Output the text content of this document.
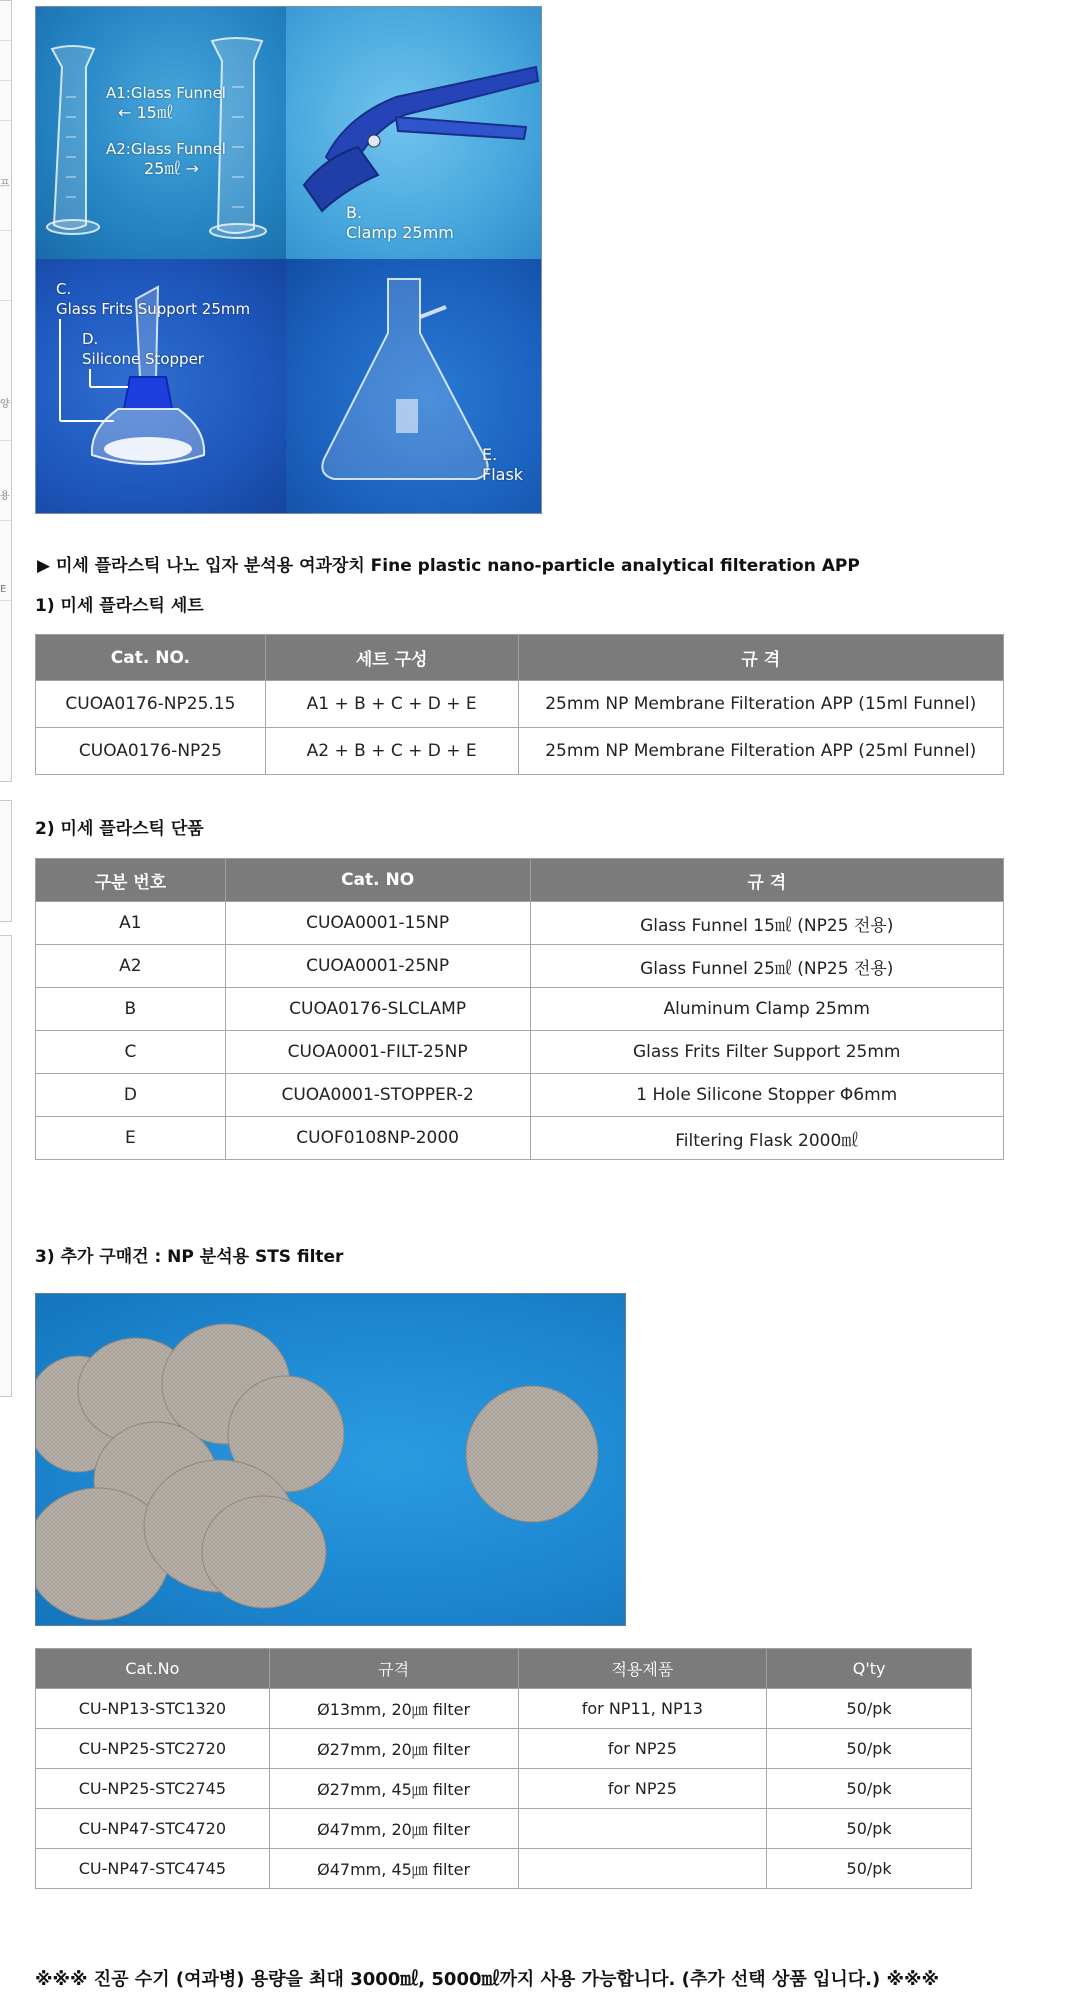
프
양
용
E
A1:Glass Funnel
← 15㎖
A2:Glass Funnel
25㎖ →
B.
Clamp 25mm
C.
Glass Frits Support 25mm
D.
Silicone Stopper
E.
Flask
▶ 미세 플라스틱 나노 입자 분석용 여과장치 Fine plastic nano-particle analytical filteration APP
1) 미세 플라스틱 세트
Cat. NO.	세트 구성	규 격
CUOA0176-NP25.15	A1 + B + C + D + E	25mm NP Membrane Filteration APP (15ml Funnel)
CUOA0176-NP25	A2 + B + C + D + E	25mm NP Membrane Filteration APP (25ml Funnel)
2) 미세 플라스틱 단품
구분 번호	Cat. NO	규 격
A1	CUOA0001-15NP	Glass Funnel 15㎖ (NP25 전용)
A2	CUOA0001-25NP	Glass Funnel 25㎖ (NP25 전용)
B	CUOA0176-SLCLAMP	Aluminum Clamp 25mm
C	CUOA0001-FILT-25NP	Glass Frits Filter Support 25mm
D	CUOA0001-STOPPER-2	1 Hole Silicone Stopper Φ6mm
E	CUOF0108NP-2000	Filtering Flask 2000㎖
3) 추가 구매건 : NP 분석용 STS filter
Cat.No	규격	적용제품	Q'ty
CU-NP13-STC1320	Ø13mm, 20㎛ filter	for NP11, NP13	50/pk
CU-NP25-STC2720	Ø27mm, 20㎛ filter	for NP25	50/pk
CU-NP25-STC2745	Ø27mm, 45㎛ filter	for NP25	50/pk
CU-NP47-STC4720	Ø47mm, 20㎛ filter		50/pk
CU-NP47-STC4745	Ø47mm, 45㎛ filter		50/pk
※※※ 진공 수기 (여과병) 용량을 최대 3000㎖, 5000㎖까지 사용 가능합니다. (추가 선택 상품 입니다.) ※※※
